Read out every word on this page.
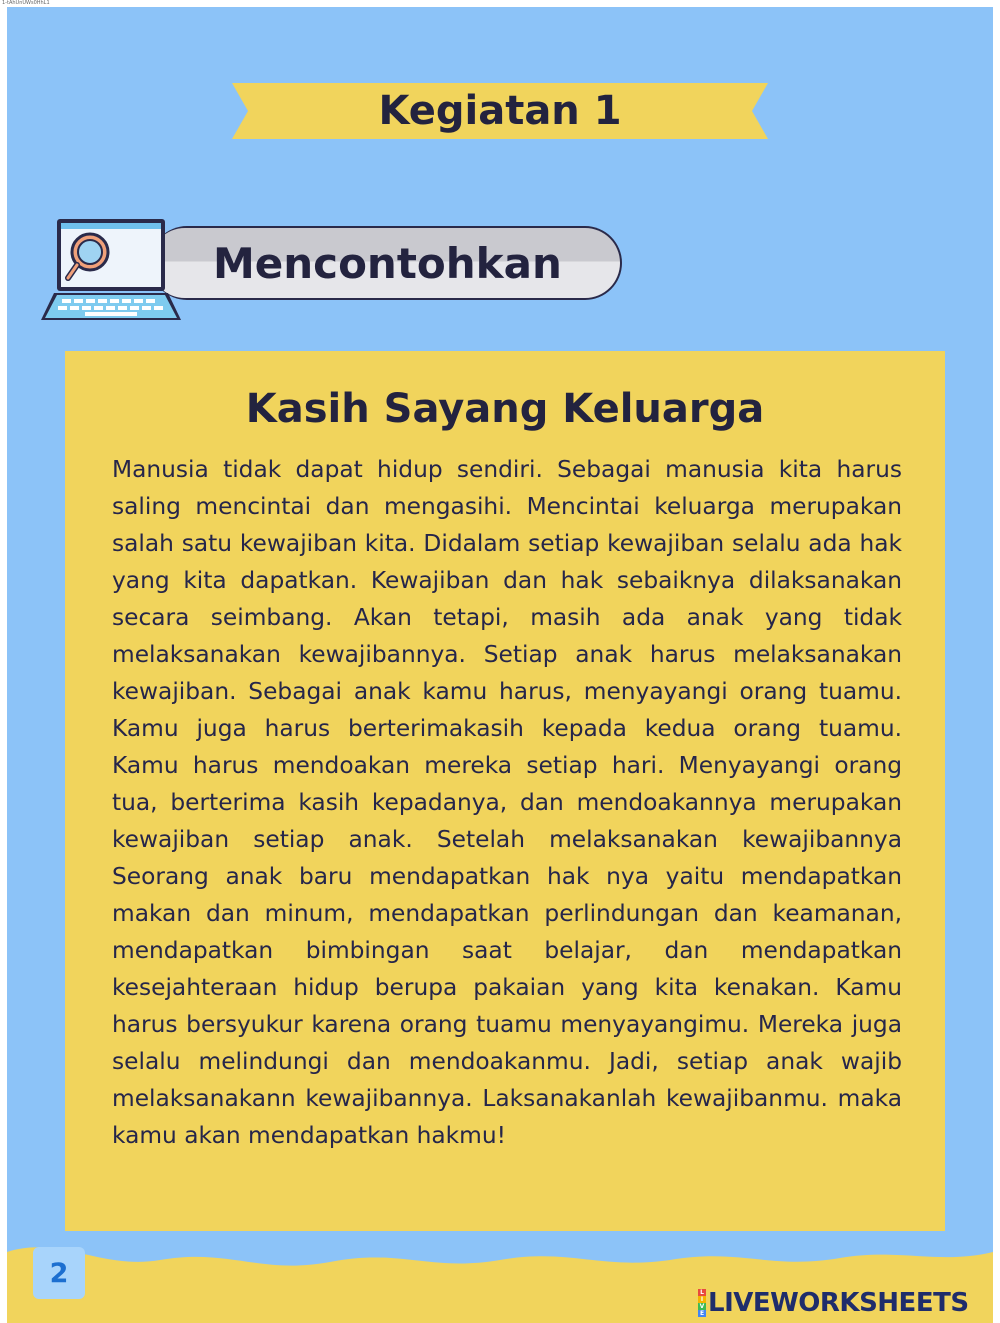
1-tAhUnUWs0HhL1
Kegiatan 1
Mencontohkan
Kasih Sayang Keluarga

Manusia tidak dapat hidup sendiri. Sebagai manusia kita harus saling mencintai dan mengasihi. Mencintai keluarga merupakan salah satu kewajiban kita. Didalam setiap kewajiban selalu ada hak yang kita dapatkan. Kewajiban dan hak sebaiknya dilaksanakan secara seimbang. Akan tetapi, masih ada anak yang tidak melaksanakan kewajibannya. Setiap anak harus melaksanakan kewajiban. Sebagai anak kamu harus, menyayangi orang tuamu. Kamu juga harus berterimakasih kepada kedua orang tuamu. Kamu harus mendoakan mereka setiap hari. Menyayangi orang tua, berterima kasih kepadanya, dan mendoakannya merupakan kewajiban setiap anak. Setelah melaksanakan kewajibannya Seorang anak baru mendapatkan hak nya yaitu mendapatkan makan dan minum, mendapatkan perlindungan dan keamanan, mendapatkan bimbingan saat belajar, dan mendapatkan kesejahteraan hidup berupa pakaian yang kita kenakan. Kamu harus bersyukur karena orang tuamu menyayangimu. Mereka juga selalu melindungi dan mendoakanmu. Jadi, setiap anak wajib melaksanakann kewajibannya. Laksanakanlah kewajibanmu. maka kamu akan mendapatkan hakmu!

2
L
I
V
E LIVEWORKSHEETS
